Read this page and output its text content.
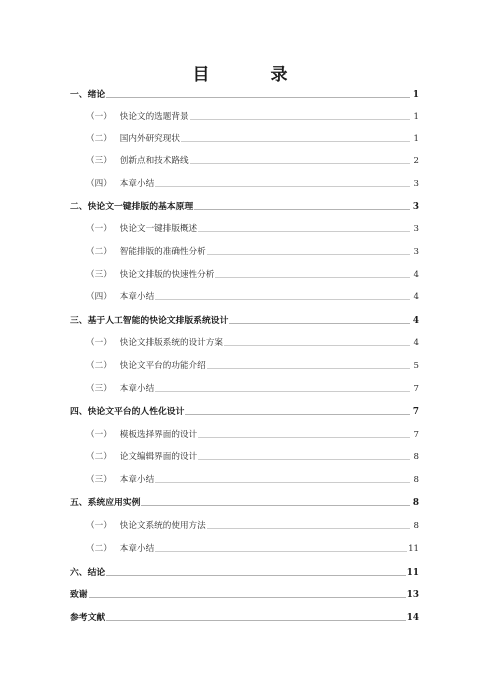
目　录
一、 绪论	1
（一） 快论文的选题背景	1
（二） 国内外研究现状	1
（三） 创新点和技术路线	2
（四） 本章小结	3
二、 快论文一键排版的基本原理	3
（一） 快论文一键排版概述	3
（二） 智能排版的准确性分析	3
（三） 快论文排版的快速性分析	4
（四） 本章小结	4
三、 基于人工智能的快论文排版系统设计	4
（一） 快论文排版系统的设计方案	4
（二） 快论文平台的功能介绍	5
（三） 本章小结	7
四、 快论文平台的人性化设计	7
（一） 模板选择界面的设计	7
（二） 论文编辑界面的设计	8
（三） 本章小结	8
五、 系统应用实例	8
（一） 快论文系统的使用方法	8
（二） 本章小结	11
六、 结论	11
致谢	13
参考文献	14
